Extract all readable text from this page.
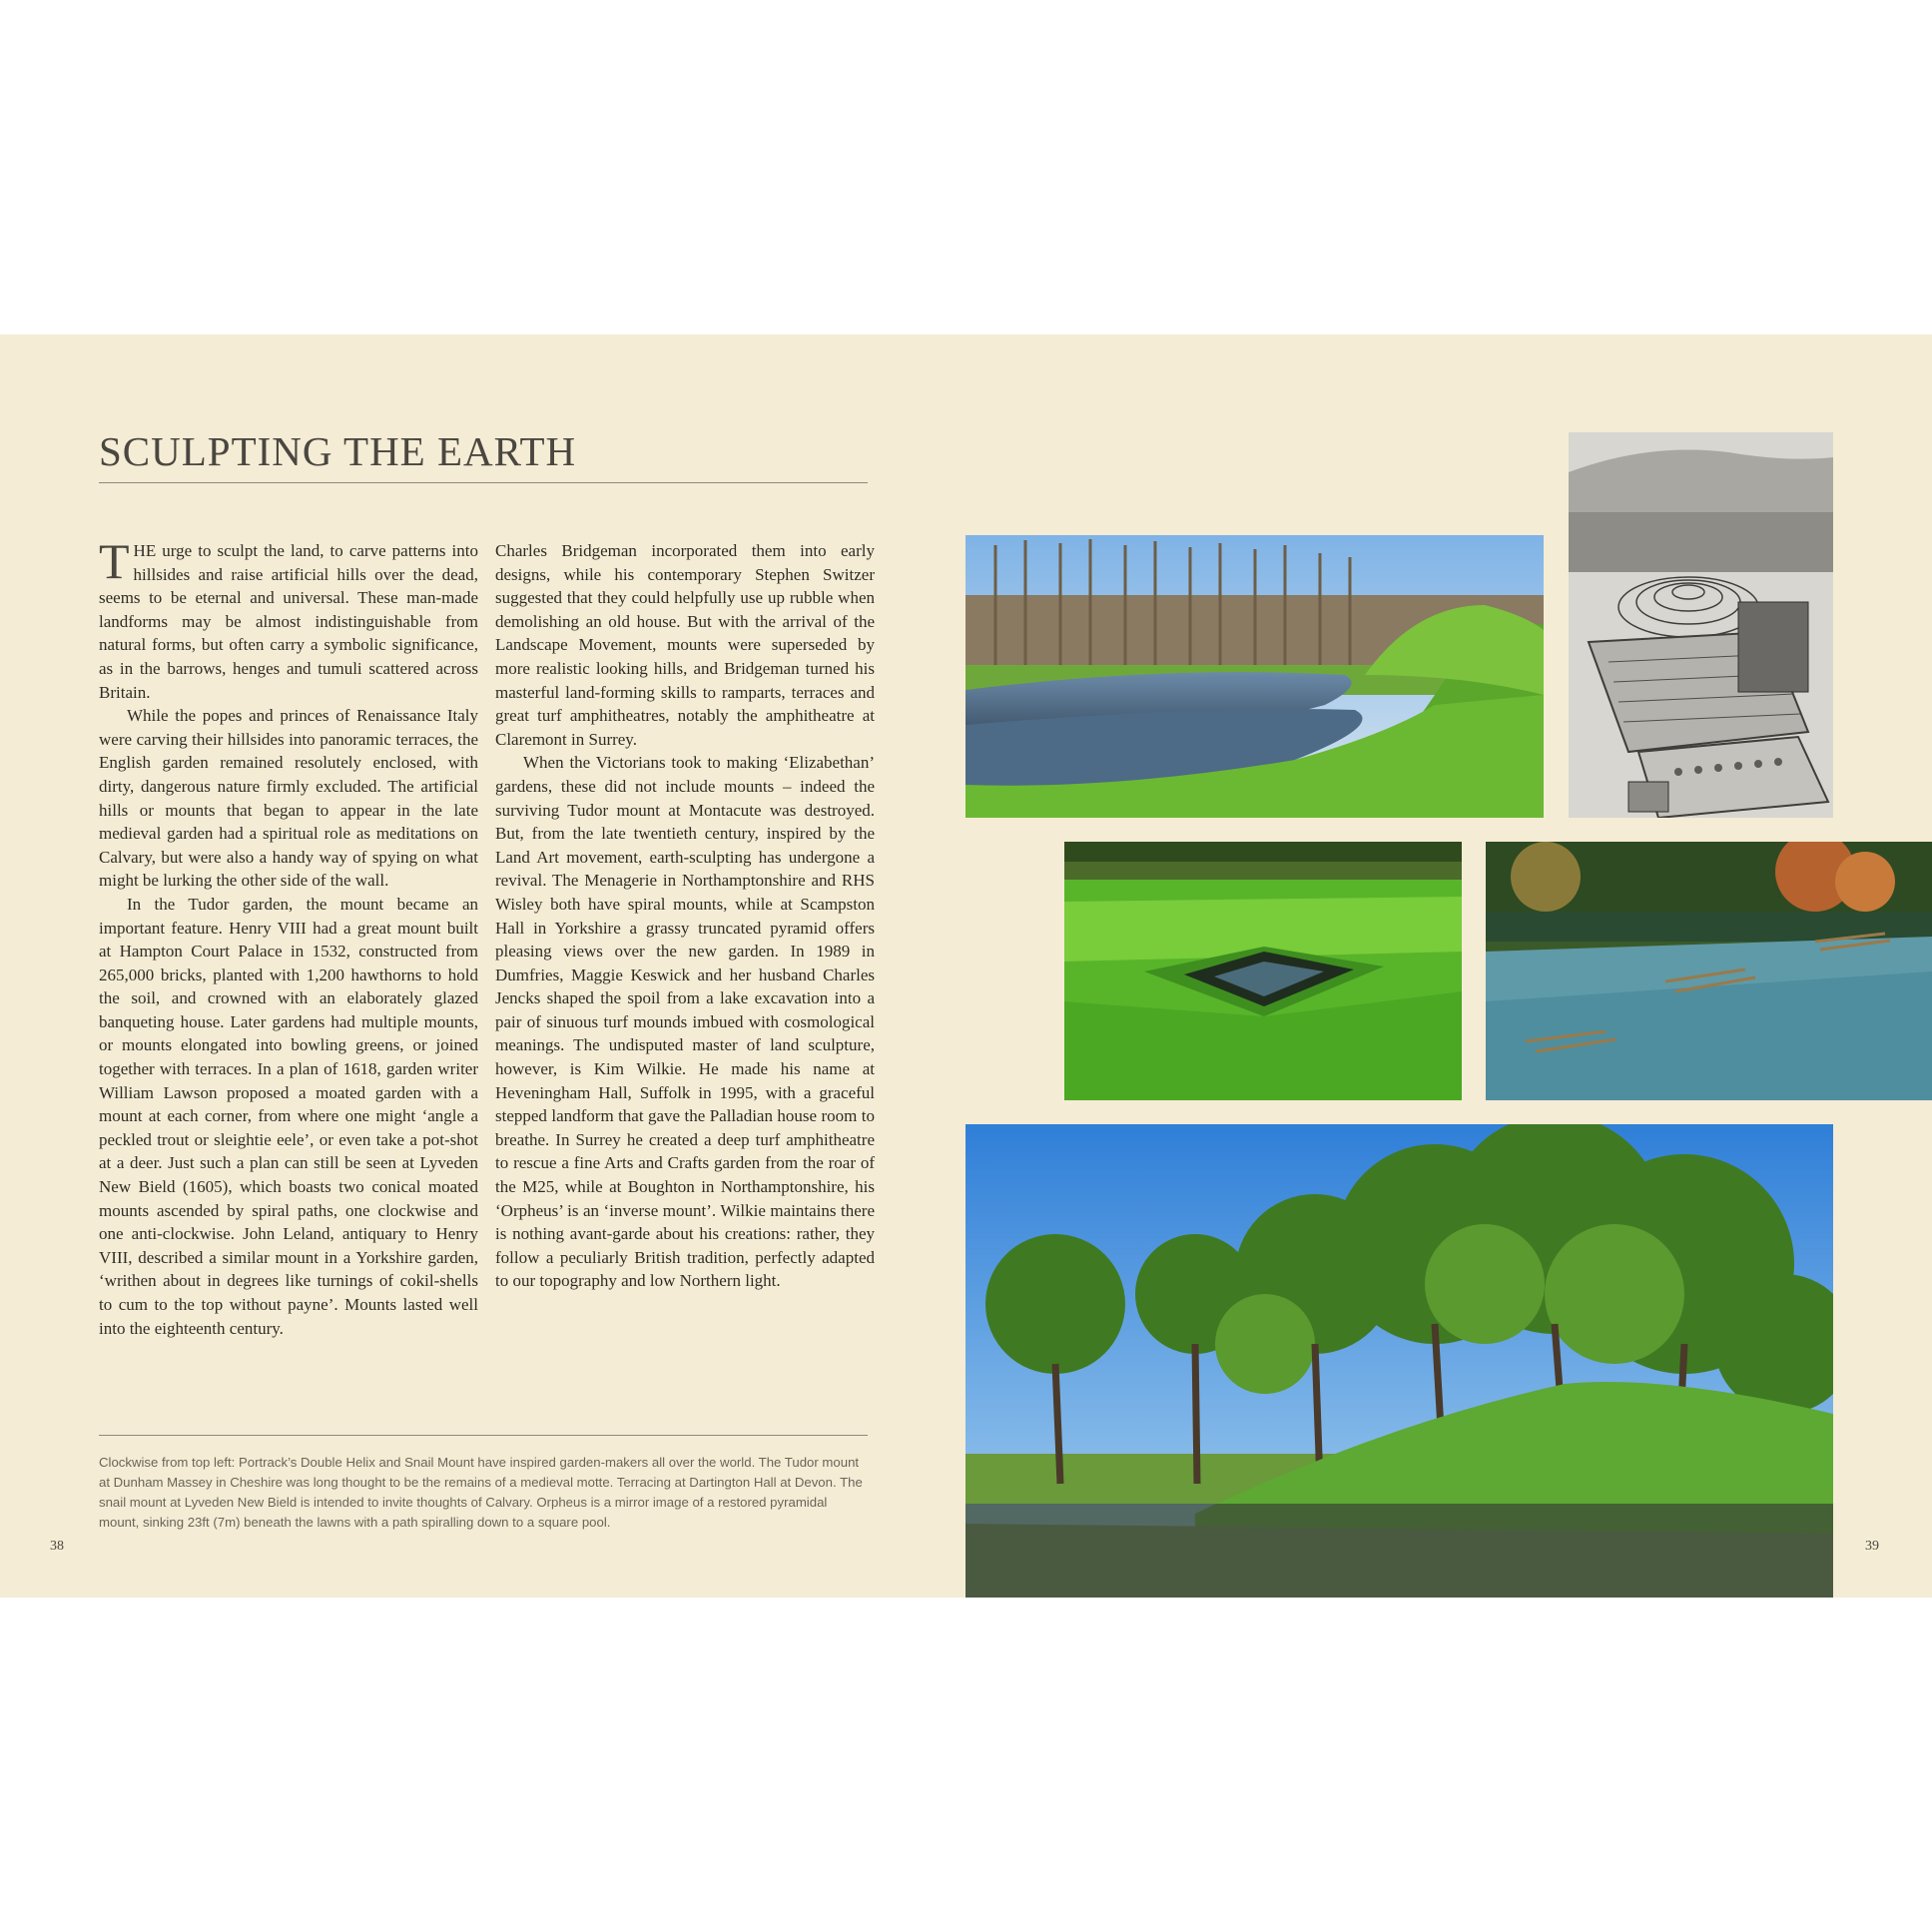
SCULPTING THE EARTH

THE urge to sculpt the land, to carve patterns into hillsides and raise artificial hills over the dead, seems to be eternal and universal. These man-made landforms may be almost indistinguishable from natural forms, but often carry a symbolic significance, as in the barrows, henges and tumuli scattered across Britain.

While the popes and princes of Renaissance Italy were carving their hillsides into panoramic terraces, the English garden remained resolutely enclosed, with dirty, dangerous nature firmly excluded. The artificial hills or mounts that began to appear in the late medieval garden had a spiritual role as meditations on Calvary, but were also a handy way of spying on what might be lurking the other side of the wall.

In the Tudor garden, the mount became an important feature. Henry VIII had a great mount built at Hampton Court Palace in 1532, constructed from 265,000 bricks, planted with 1,200 hawthorns to hold the soil, and crowned with an elaborately glazed banqueting house. Later gardens had multiple mounts, or mounts elongated into bowling greens, or joined together with terraces. In a plan of 1618, garden writer William Lawson proposed a moated garden with a mount at each corner, from where one might ‘angle a peckled trout or sleightie eele’, or even take a pot-shot at a deer. Just such a plan can still be seen at Lyveden New Bield (1605), which boasts two conical moated mounts ascended by spiral paths, one clockwise and one anti-clockwise. John Leland, antiquary to Henry VIII, described a similar mount in a Yorkshire garden, ‘writhen about in degrees like turnings of cokil-shells to cum to the top without payne’. Mounts lasted well into the eighteenth century.

Charles Bridgeman incorporated them into early designs, while his contemporary Stephen Switzer suggested that they could helpfully use up rubble when demolishing an old house. But with the arrival of the Landscape Movement, mounts were superseded by more realistic looking hills, and Bridgeman turned his masterful land-forming skills to ramparts, terraces and great turf amphitheatres, notably the amphitheatre at Claremont in Surrey.

When the Victorians took to making ‘Elizabethan’ gardens, these did not include mounts – indeed the surviving Tudor mount at Montacute was destroyed. But, from the late twentieth century, inspired by the Land Art movement, earth-sculpting has undergone a revival. The Menagerie in Northamptonshire and RHS Wisley both have spiral mounts, while at Scampston Hall in Yorkshire a grassy truncated pyramid offers pleasing views over the new garden. In 1989 in Dumfries, Maggie Keswick and her husband Charles Jencks shaped the spoil from a lake excavation into a pair of sinuous turf mounds imbued with cosmological meanings. The undisputed master of land sculpture, however, is Kim Wilkie. He made his name at Heveningham Hall, Suffolk in 1995, with a graceful stepped landform that gave the Palladian house room to breathe. In Surrey he created a deep turf amphitheatre to rescue a fine Arts and Crafts garden from the roar of the M25, while at Boughton in Northamptonshire, his ‘Orpheus’ is an ‘inverse mount’. Wilkie maintains there is nothing avant-garde about his creations: rather, they follow a peculiarly British tradition, perfectly adapted to our topography and low Northern light.

Clockwise from top left: Portrack’s Double Helix and Snail Mount have inspired garden-makers all over the world. The Tudor mount at Dunham Massey in Cheshire was long thought to be the remains of a medieval motte. Terracing at Dartington Hall at Devon. The snail mount at Lyveden New Bield is intended to invite thoughts of Calvary. Orpheus is a mirror image of a restored pyramidal mount, sinking 23ft (7m) beneath the lawns with a path spiralling down to a square pool.

38	39
